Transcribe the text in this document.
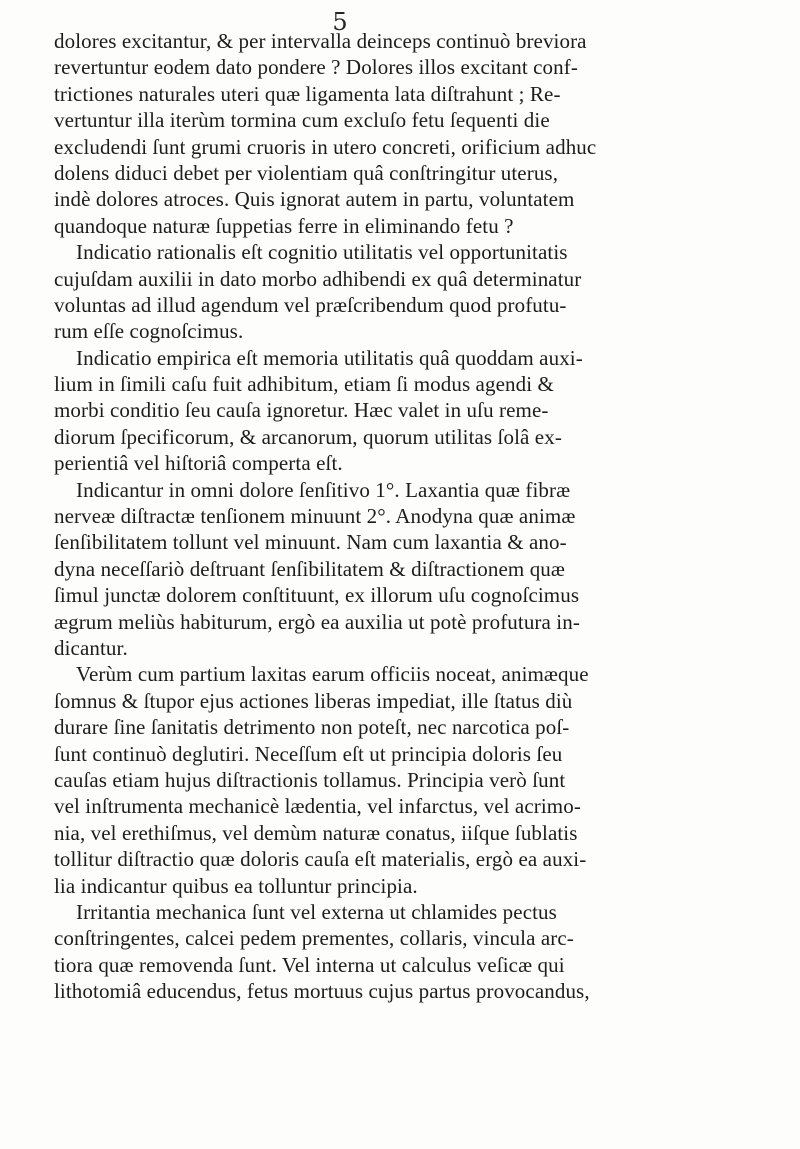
5
dolores excitantur, & per intervalla deinceps continuò breviora
revertuntur eodem dato pondere ? Dolores illos excitant conf-
trictiones naturales uteri quæ ligamenta lata diſtrahunt ; Re-
vertuntur illa iterùm tormina cum excluſo fetu ſequenti die
excludendi ſunt grumi cruoris in utero concreti, orificium adhuc
dolens diduci debet per violentiam quâ conſtringitur uterus,
indè dolores atroces. Quis ignorat autem in partu, voluntatem
quandoque naturæ ſuppetias ferre in eliminando fetu ?
Indicatio rationalis eſt cognitio utilitatis vel opportunitatis
cujuſdam auxilii in dato morbo adhibendi ex quâ determinatur
voluntas ad illud agendum vel præſcribendum quod profutu-
rum eſſe cognoſcimus.
Indicatio empirica eſt memoria utilitatis quâ quoddam auxi-
lium in ſimili caſu fuit adhibitum, etiam ſi modus agendi &
morbi conditio ſeu cauſa ignoretur. Hæc valet in uſu reme-
diorum ſpecificorum, & arcanorum, quorum utilitas ſolâ ex-
perientiâ vel hiſtoriâ comperta eſt.
Indicantur in omni dolore ſenſitivo 1°. Laxantia quæ fibræ
nerveæ diſtractæ tenſionem minuunt 2°. Anodyna quæ animæ
ſenſibilitatem tollunt vel minuunt. Nam cum laxantia & ano-
dyna neceſſariò deſtruant ſenſibilitatem & diſtractionem quæ
ſimul junctæ dolorem conſtituunt, ex illorum uſu cognoſcimus
ægrum meliùs habiturum, ergò ea auxilia ut potè profutura in-
dicantur.
Verùm cum partium laxitas earum officiis noceat, animæque
ſomnus & ſtupor ejus actiones liberas impediat, ille ſtatus diù
durare ſine ſanitatis detrimento non poteſt, nec narcotica poſ-
ſunt continuò deglutiri. Neceſſum eſt ut principia doloris ſeu
cauſas etiam hujus diſtractionis tollamus. Principia verò ſunt
vel inſtrumenta mechanicè lædentia, vel infarctus, vel acrimo-
nia, vel erethiſmus, vel demùm naturæ conatus, iiſque ſublatis
tollitur diſtractio quæ doloris cauſa eſt materialis, ergò ea auxi-
lia indicantur quibus ea tolluntur principia.
Irritantia mechanica ſunt vel externa ut chlamides pectus
conſtringentes, calcei pedem prementes, collaris, vincula arc-
tiora quæ removenda ſunt. Vel interna ut calculus veſicæ qui
lithotomiâ educendus, fetus mortuus cujus partus provocandus,
